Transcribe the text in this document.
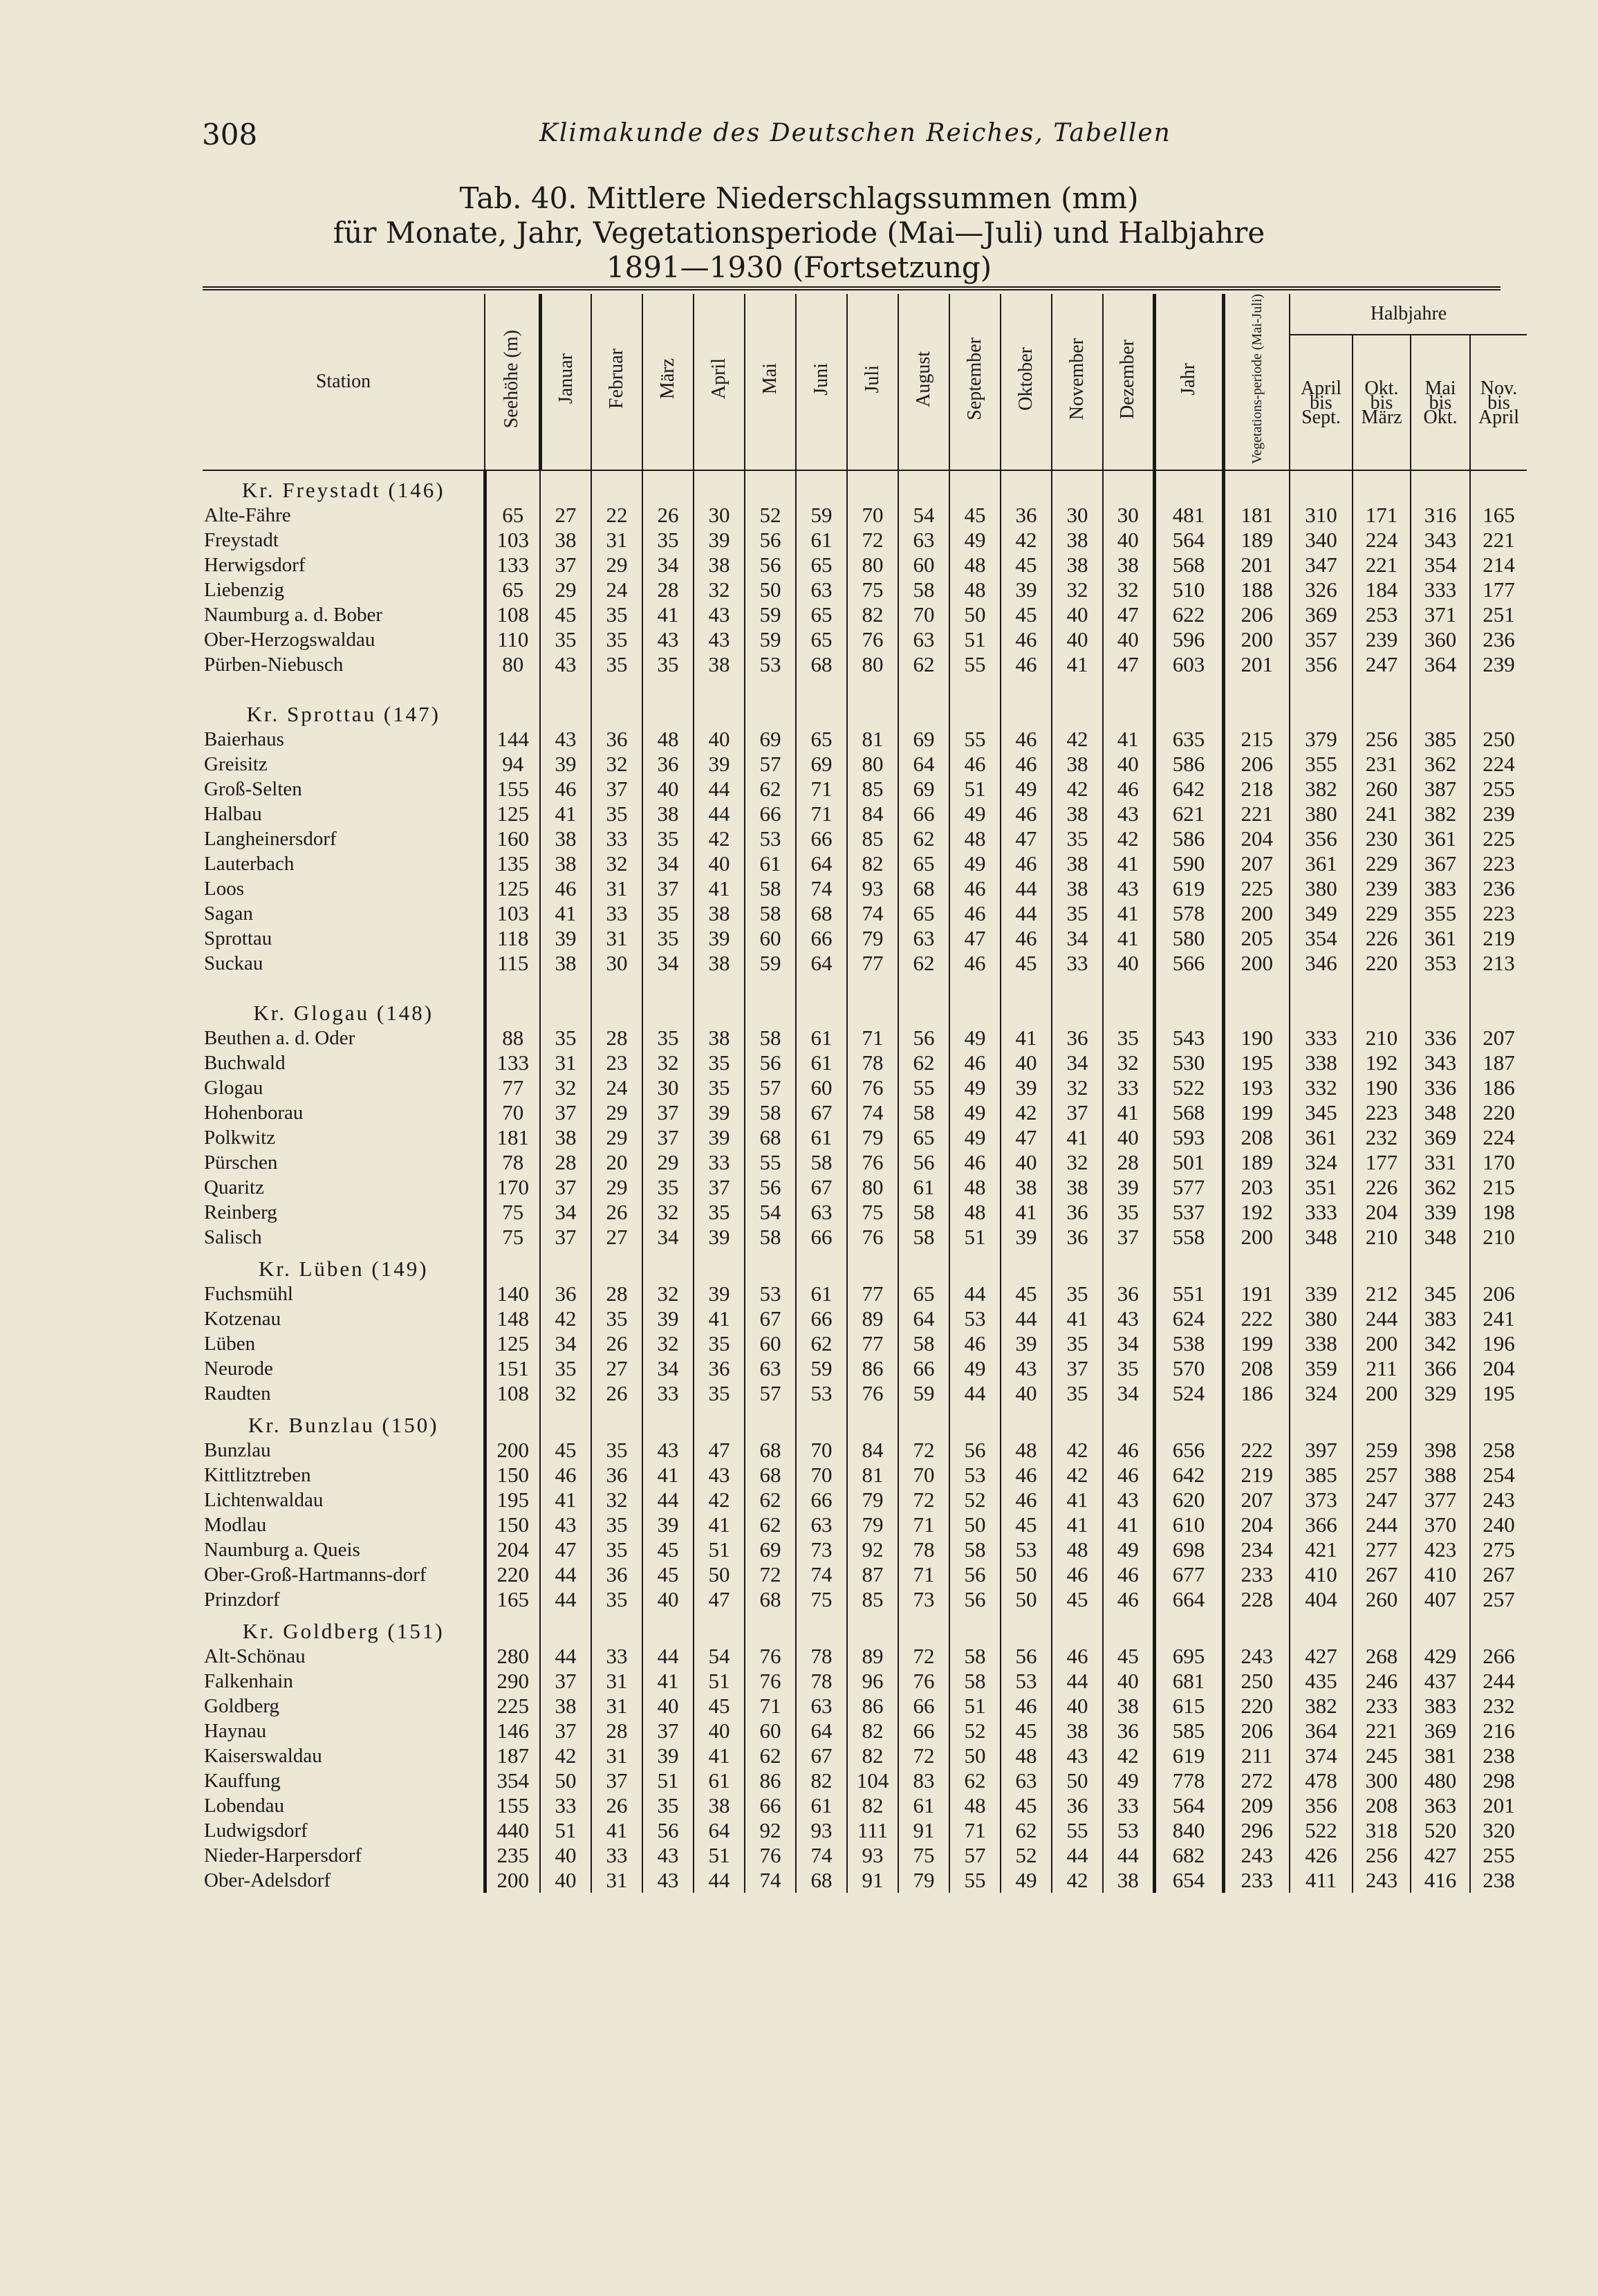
308	Klimakunde des Deutschen Reiches, Tabellen
Tab. 40. Mittlere Niederschlagssummen (mm)
für Monate, Jahr, Vegetationsperiode (Mai—Juli) und Halbjahre
1891—1930 (Fortsetzung)
Station	Seehöhe (m)	Januar	Februar	März	April	Mai	Juni	Juli	August	September	Oktober	November	Dezember	Jahr	Vegetations-periode (Mai-Juli)	Halbjahre			
																April bis Sept.	Okt. bis März	Mai bis Okt.	Nov. bis April
Kr. Freystadt (146)																			
Alte-Fähre	65	27	22	26	30	52	59	70	54	45	36	30	30	481	181	310	171	316	165
Freystadt	103	38	31	35	39	56	61	72	63	49	42	38	40	564	189	340	224	343	221
Herwigsdorf	133	37	29	34	38	56	65	80	60	48	45	38	38	568	201	347	221	354	214
Liebenzig	65	29	24	28	32	50	63	75	58	48	39	32	32	510	188	326	184	333	177
Naumburg a. d. Bober	108	45	35	41	43	59	65	82	70	50	45	40	47	622	206	369	253	371	251
Ober-Herzogswaldau	110	35	35	43	43	59	65	76	63	51	46	40	40	596	200	357	239	360	236
Pürben-Niebusch	80	43	35	35	38	53	68	80	62	55	46	41	47	603	201	356	247	364	239

Kr. Sprottau (147)																			
Baierhaus	144	43	36	48	40	69	65	81	69	55	46	42	41	635	215	379	256	385	250
Greisitz	94	39	32	36	39	57	69	80	64	46	46	38	40	586	206	355	231	362	224
Groß-Selten	155	46	37	40	44	62	71	85	69	51	49	42	46	642	218	382	260	387	255
Halbau	125	41	35	38	44	66	71	84	66	49	46	38	43	621	221	380	241	382	239
Langheinersdorf	160	38	33	35	42	53	66	85	62	48	47	35	42	586	204	356	230	361	225
Lauterbach	135	38	32	34	40	61	64	82	65	49	46	38	41	590	207	361	229	367	223
Loos	125	46	31	37	41	58	74	93	68	46	44	38	43	619	225	380	239	383	236
Sagan	103	41	33	35	38	58	68	74	65	46	44	35	41	578	200	349	229	355	223
Sprottau	118	39	31	35	39	60	66	79	63	47	46	34	41	580	205	354	226	361	219
Suckau	115	38	30	34	38	59	64	77	62	46	45	33	40	566	200	346	220	353	213

Kr. Glogau (148)																			
Beuthen a. d. Oder	88	35	28	35	38	58	61	71	56	49	41	36	35	543	190	333	210	336	207
Buchwald	133	31	23	32	35	56	61	78	62	46	40	34	32	530	195	338	192	343	187
Glogau	77	32	24	30	35	57	60	76	55	49	39	32	33	522	193	332	190	336	186
Hohenborau	70	37	29	37	39	58	67	74	58	49	42	37	41	568	199	345	223	348	220
Polkwitz	181	38	29	37	39	68	61	79	65	49	47	41	40	593	208	361	232	369	224
Pürschen	78	28	20	29	33	55	58	76	56	46	40	32	28	501	189	324	177	331	170
Quaritz	170	37	29	35	37	56	67	80	61	48	38	38	39	577	203	351	226	362	215
Reinberg	75	34	26	32	35	54	63	75	58	48	41	36	35	537	192	333	204	339	198
Salisch	75	37	27	34	39	58	66	76	58	51	39	36	37	558	200	348	210	348	210
Kr. Lüben (149)																			
Fuchsmühl	140	36	28	32	39	53	61	77	65	44	45	35	36	551	191	339	212	345	206
Kotzenau	148	42	35	39	41	67	66	89	64	53	44	41	43	624	222	380	244	383	241
Lüben	125	34	26	32	35	60	62	77	58	46	39	35	34	538	199	338	200	342	196
Neurode	151	35	27	34	36	63	59	86	66	49	43	37	35	570	208	359	211	366	204
Raudten	108	32	26	33	35	57	53	76	59	44	40	35	34	524	186	324	200	329	195
Kr. Bunzlau (150)																			
Bunzlau	200	45	35	43	47	68	70	84	72	56	48	42	46	656	222	397	259	398	258
Kittlitztreben	150	46	36	41	43	68	70	81	70	53	46	42	46	642	219	385	257	388	254
Lichtenwaldau	195	41	32	44	42	62	66	79	72	52	46	41	43	620	207	373	247	377	243
Modlau	150	43	35	39	41	62	63	79	71	50	45	41	41	610	204	366	244	370	240
Naumburg a. Queis	204	47	35	45	51	69	73	92	78	58	53	48	49	698	234	421	277	423	275
Ober-Groß-Hartmanns-dorf	220	44	36	45	50	72	74	87	71	56	50	46	46	677	233	410	267	410	267
Prinzdorf	165	44	35	40	47	68	75	85	73	56	50	45	46	664	228	404	260	407	257
Kr. Goldberg (151)																			
Alt-Schönau	280	44	33	44	54	76	78	89	72	58	56	46	45	695	243	427	268	429	266
Falkenhain	290	37	31	41	51	76	78	96	76	58	53	44	40	681	250	435	246	437	244
Goldberg	225	38	31	40	45	71	63	86	66	51	46	40	38	615	220	382	233	383	232
Haynau	146	37	28	37	40	60	64	82	66	52	45	38	36	585	206	364	221	369	216
Kaiserswaldau	187	42	31	39	41	62	67	82	72	50	48	43	42	619	211	374	245	381	238
Kauffung	354	50	37	51	61	86	82	104	83	62	63	50	49	778	272	478	300	480	298
Lobendau	155	33	26	35	38	66	61	82	61	48	45	36	33	564	209	356	208	363	201
Ludwigsdorf	440	51	41	56	64	92	93	111	91	71	62	55	53	840	296	522	318	520	320
Nieder-Harpersdorf	235	40	33	43	51	76	74	93	75	57	52	44	44	682	243	426	256	427	255
Ober-Adelsdorf	200	40	31	43	44	74	68	91	79	55	49	42	38	654	233	411	243	416	238
